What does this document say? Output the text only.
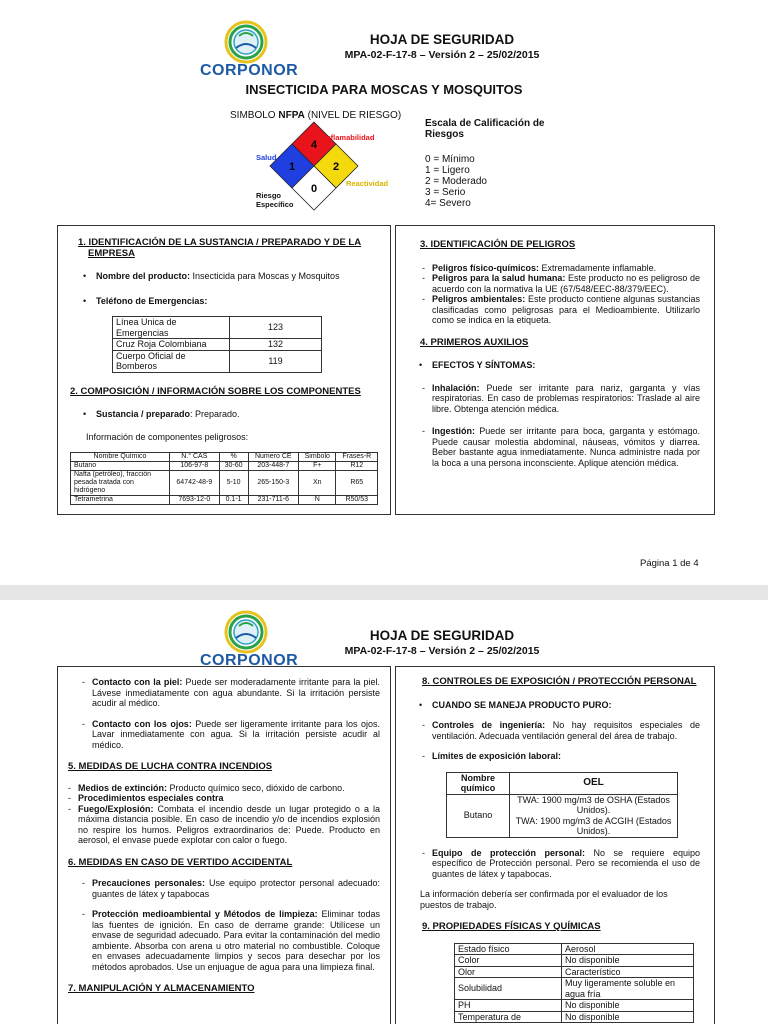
CORPONOR
HOJA DE SEGURIDAD
MPA-02-F-17-8 – Versión 2 – 25/02/2015
INSECTICIDA PARA MOSCAS Y MOSQUITOS
SIMBOLO NFPA (NIVEL DE RIESGO)
4
1	2
0
Inflamabilidad
Salud
Reactividad
Riesgo Específico
Escala de Calificación de Riesgos
0 = Mínimo
1 = Ligero
2 = Moderado
3 = Serio
4= Severo
1. IDENTIFICACIÓN DE LA SUSTANCIA / PREPARADO Y DE LA EMPRESA
• Nombre del producto: Insecticida para Moscas y Mosquitos
• Teléfono de Emergencias:
Línea Unica de Emergencias	123
Cruz Roja Colombiana	132
Cuerpo Oficial de Bomberos	119
2. COMPOSICIÓN / INFORMACIÓN SOBRE LOS COMPONENTES
• Sustancia / preparado: Preparado.
Información de componentes peligrosos:
Nombre Químico	N.° CAS	%	Numero CE	Simbolo	Frases-R
Butano	106-97-8	30-60	203-448-7	F+	R12
Nafta (petróleo), fracción pesada tratada con hidrógeno	64742-48-9	5-10	265-150-3	Xn	R65
Tetrametrina	7693-12-0	0.1-1	231-711-6	N	R50/53
3. IDENTIFICACIÓN DE PELIGROS
- Peligros físico-químicos: Extremadamente inflamable.
- Peligros para la salud humana: Este producto no es peligroso de acuerdo con la normativa la UE (67/548/EEC-88/379/EEC).
- Peligros ambientales: Este producto contiene algunas sustancias clasificadas como peligrosas para el Medioambiente. Utilizarlo como se indica en la etiqueta.
4. PRIMEROS AUXILIOS
• EFECTOS Y SÍNTOMAS:
- Inhalación: Puede ser irritante para nariz, garganta y vías respiratorias. En caso de problemas respiratorios: Traslade al aire libre. Obtenga atención médica.
- Ingestión: Puede ser irritante para boca, garganta y estómago. Puede causar molestia abdominal, náuseas, vómitos y diarrea. Beber bastante agua inmediatamente. Nunca administre nada por la boca a una persona inconsciente. Aplique atención médica.
Página 1 de 4
CORPONOR
HOJA DE SEGURIDAD
MPA-02-F-17-8 – Versión 2 – 25/02/2015
- Contacto con la piel: Puede ser moderadamente irritante para la piel. Lávese inmediatamente con agua abundante. Si la irritación persiste acudir al médico.
- Contacto con los ojos: Puede ser ligeramente irritante para los ojos. Lavar inmediatamente con agua. Si la irritación persiste acudir al médico.
5. MEDIDAS DE LUCHA CONTRA INCENDIOS
- Medios de extinción: Producto químico seco, dióxido de carbono.
- Procedimientos especiales contra
- Fuego/Explosión: Combata el incendio desde un lugar protegido o a la máxima distancia posible. En caso de incendio y/o de incendios explosión no respire los humos. Peligros extraordinarios de: Puede. Producto en aerosol, el envase puede explotar con calor o fuego.
6. MEDIDAS EN CASO DE VERTIDO ACCIDENTAL
- Precauciones personales: Use equipo protector personal adecuado: guantes de látex y tapabocas
- Protección medioambiental y Métodos de limpieza: Eliminar todas las fuentes de ignición. En caso de derrame grande: Utilícese un envase de seguridad adecuado. Para evitar la contaminación del medio ambiente. Absorba con arena u otro material no combustible. Coloque en envases adecuadamente limpios y secos para desechar por los métodos aprobados. Use un enjuague de agua para una limpieza final.
7. MANIPULACIÓN Y ALMACENAMIENTO
8. CONTROLES DE EXPOSICIÓN / PROTECCIÓN PERSONAL
• CUANDO SE MANEJA PRODUCTO PURO:
- Controles de ingeniería: No hay requisitos especiales de ventilación. Adecuada ventilación general del área de trabajo.
- Límites de exposición laboral:
Nombre químico	OEL
Butano	TWA: 1900 mg/m3 de OSHA (Estados Unidos).
TWA: 1900 mg/m3 de ACGIH (Estados Unidos).
- Equipo de protección personal: No se requiere equipo específico de Protección personal. Pero se recomienda el uso de guantes de látex y tapabocas.
La información debería ser confirmada por el evaluador de los puestos de trabajo.
9. PROPIEDADES FÍSICAS Y QUÍMICAS
Estado físico	Aerosol
Color	No disponible
Olor	Característico
Solubilidad	Muy ligeramente soluble en agua fría
PH	No disponible
Temperatura de	No disponible
